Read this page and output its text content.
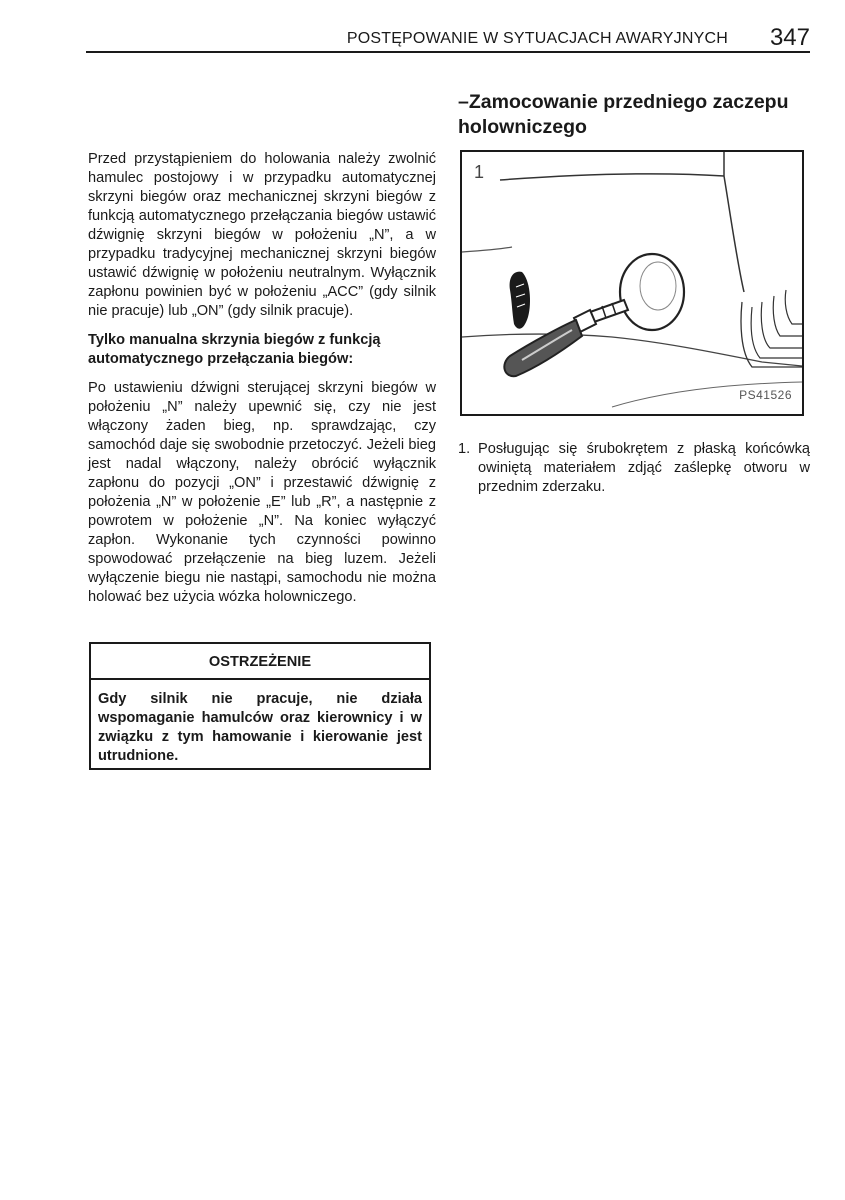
POSTĘPOWANIE W SYTUACJACH AWARYJNYCH	347

Przed przystąpieniem do holowania należy zwolnić hamulec postojowy i w przypadku automatycznej skrzyni biegów oraz mechanicznej skrzyni biegów z funkcją automatycznego przełączania biegów ustawić dźwignię skrzyni biegów w położeniu „N”, a w przypadku tradycyjnej mechanicznej skrzyni biegów ustawić dźwignię w położeniu neutralnym. Wyłącznik zapłonu powinien być w położeniu „ACC” (gdy silnik nie pracuje) lub „ON” (gdy silnik pracuje).

Tylko manualna skrzynia biegów z funkcją automatycznego przełączania biegów:

Po ustawieniu dźwigni sterującej skrzyni biegów w położeniu „N” należy upewnić się, czy nie jest włączony żaden bieg, np. sprawdzając, czy samochód daje się swobodnie przetoczyć. Jeżeli bieg jest nadal włączony, należy obrócić wyłącznik zapłonu do pozycji „ON” i przestawić dźwignię z położenia „N” w położenie „E” lub „R”, a następnie z powrotem w położenie „N”. Na koniec wyłączyć zapłon. Wykonanie tych czynności powinno spowodować przełączenie na bieg luzem. Jeżeli wyłączenie biegu nie nastąpi, samochodu nie można holować bez użycia wózka holowniczego.

OSTRZEŻENIE
Gdy silnik nie pracuje, nie działa wspomaganie hamulców oraz kierownicy i w związku z tym hamowanie i kierowanie jest utrudnione.
–Zamocowanie przedniego zaczepu holowniczego
1
PS41526
1. Posługując się śrubokrętem z płaską końcówką owiniętą materiałem zdjąć zaślepkę otworu w przednim zderzaku.
